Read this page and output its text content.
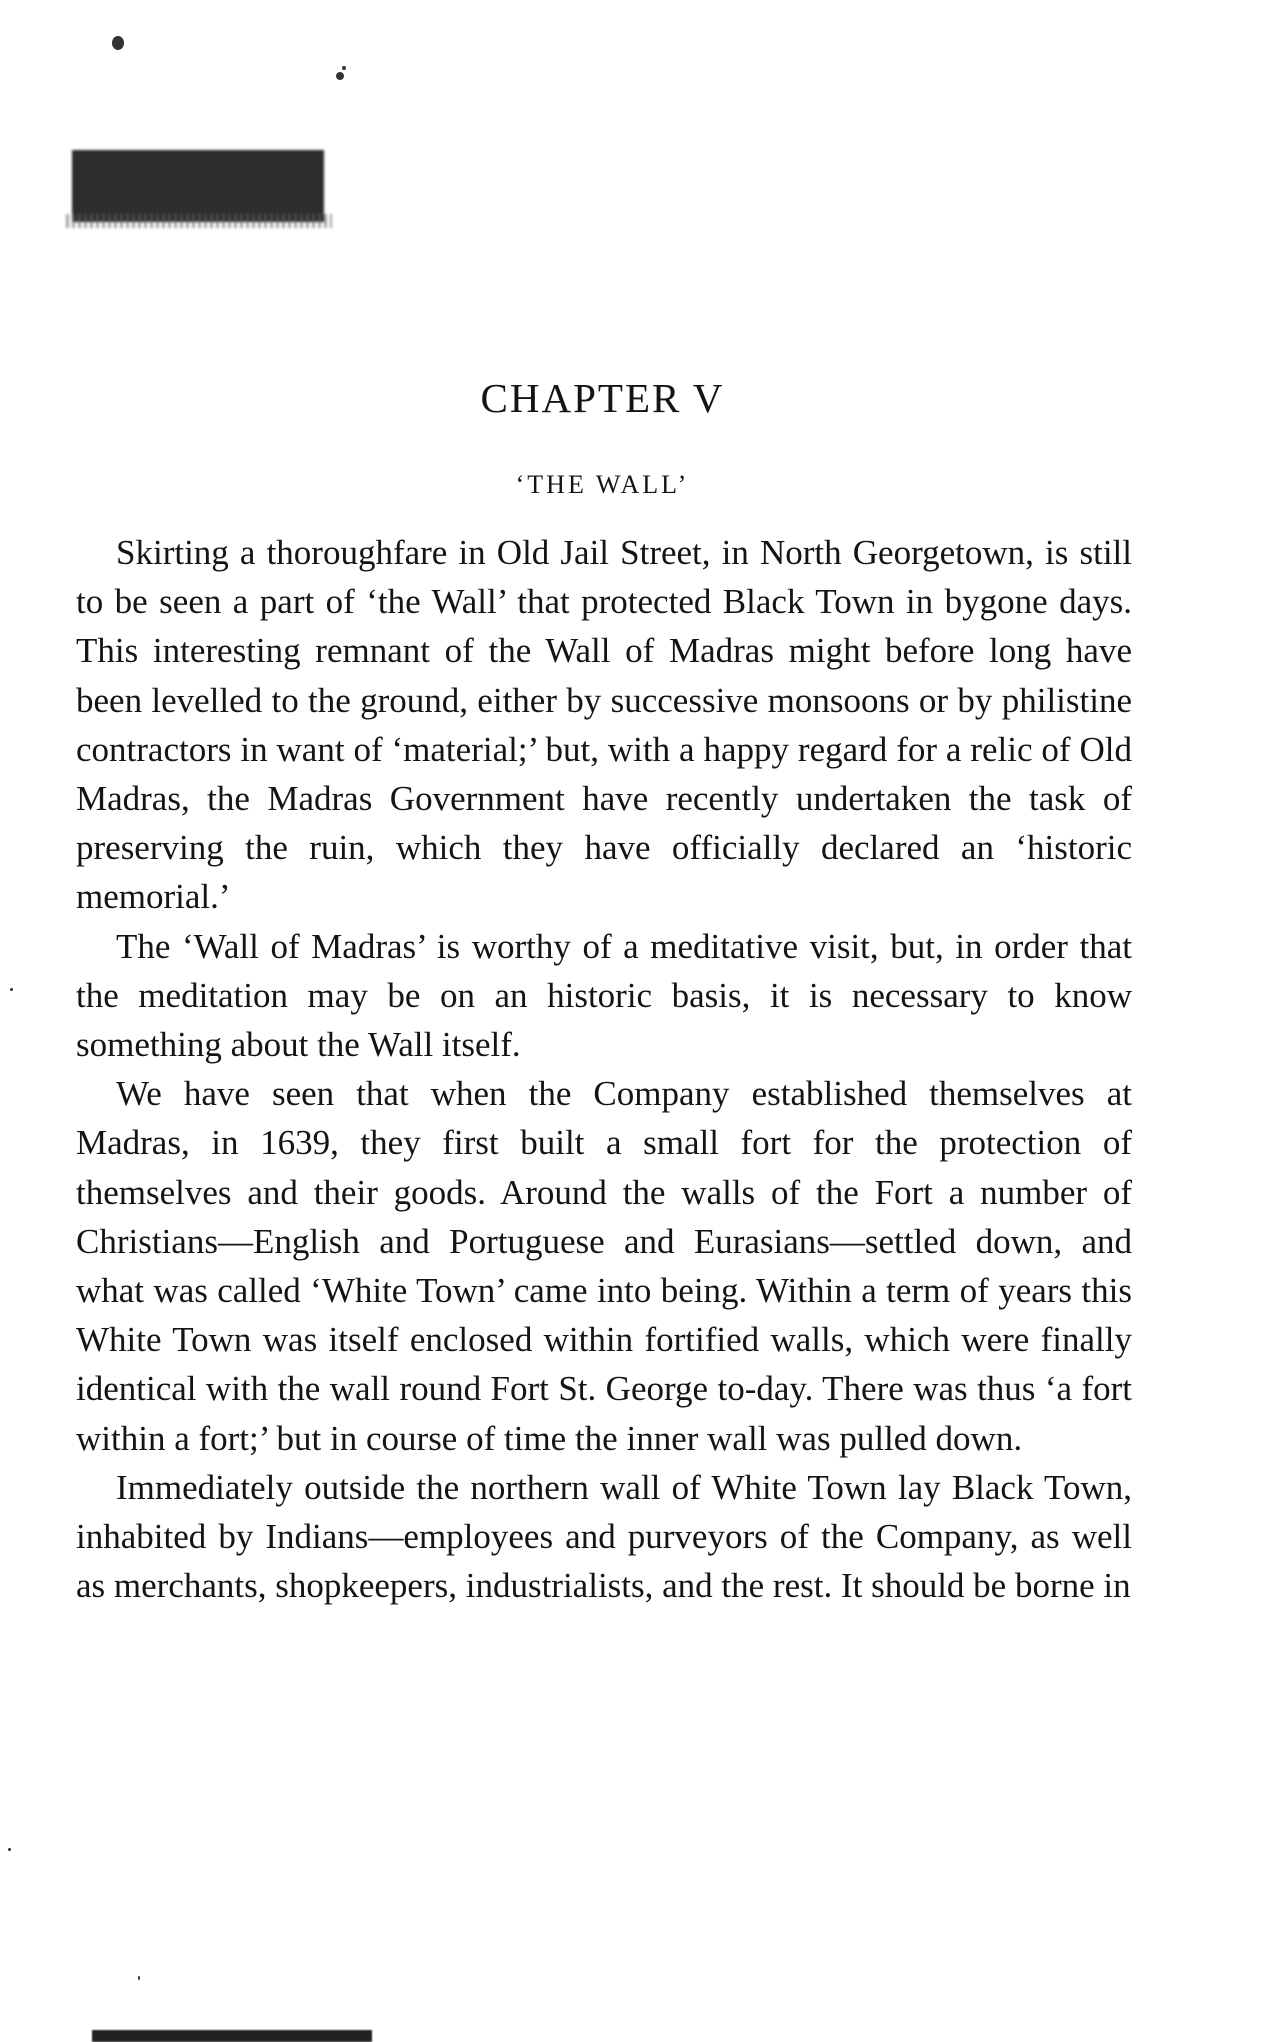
CHAPTER V
‘THE WALL’

Skirting a thoroughfare in Old Jail Street, in North Georgetown, is still to be seen a part of ‘the Wall’ that protected Black Town in bygone days. This interesting remnant of the Wall of Madras might before long have been levelled to the ground, either by successive monsoons or by philistine contractors in want of ‘material;’ but, with a happy regard for a relic of Old Madras, the Madras Government have recently undertaken the task of preserving the ruin, which they have officially declared an ‘historic memorial.’

The ‘Wall of Madras’ is worthy of a meditative visit, but, in order that the meditation may be on an historic basis, it is necessary to know something about the Wall itself.

We have seen that when the Company established themselves at Madras, in 1639, they first built a small fort for the protection of themselves and their goods. Around the walls of the Fort a number of Christians—English and Portuguese and Eurasians—settled down, and what was called ‘White Town’ came into being. Within a term of years this White Town was itself enclosed within fortified walls, which were finally identical with the wall round Fort St. George to-day. There was thus ‘a fort within a fort;’ but in course of time the inner wall was pulled down.

Immediately outside the northern wall of White Town lay Black Town, inhabited by Indians—employees and purveyors of the Company, as well as merchants, shopkeepers, industrialists, and the rest. It should be borne in
